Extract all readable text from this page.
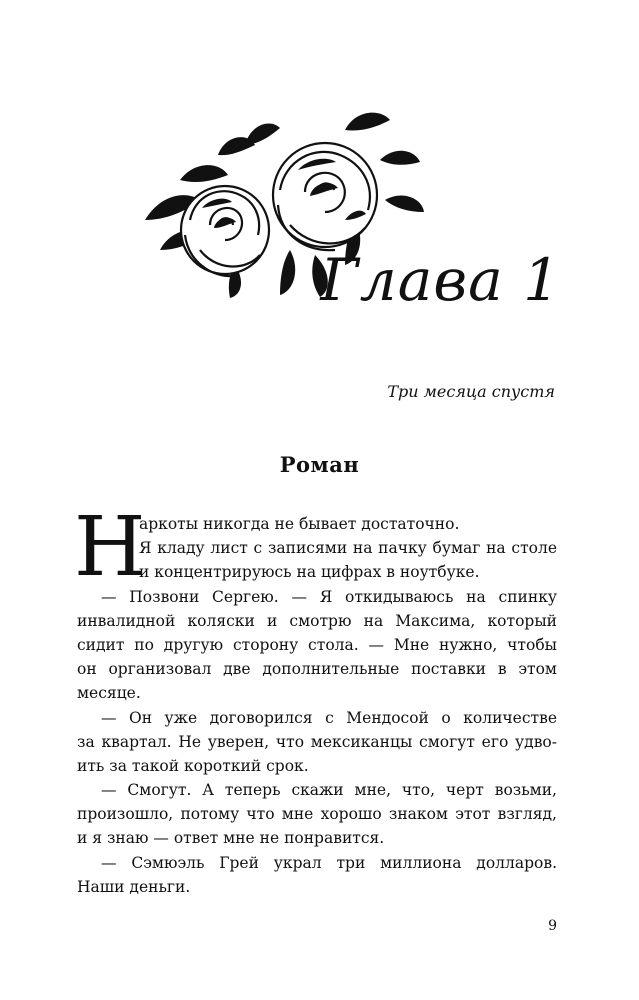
Глава 1
Три месяца спустя
Роман
Н
аркоты никогда не бывает достаточно.
Я кладу лист с записями на пачку бумаг на столе
и концентрируюсь на цифрах в ноутбуке.
— Позвони Сергею. — Я откидываюсь на спинку
инвалидной коляски и смотрю на Максима, который
сидит по другую сторону стола. — Мне нужно, чтобы
он организовал две дополнительные поставки в этом
месяце.
— Он уже договорился с Мендосой о количестве
за квартал. Не уверен, что мексиканцы смогут его удво-
ить за такой короткий срок.
— Смогут. А теперь скажи мне, что, черт возьми,
произошло, потому что мне хорошо знаком этот взгляд,
и я знаю — ответ мне не понравится.
— Сэмюэль Грей украл три миллиона долларов.
Наши деньги.
9
